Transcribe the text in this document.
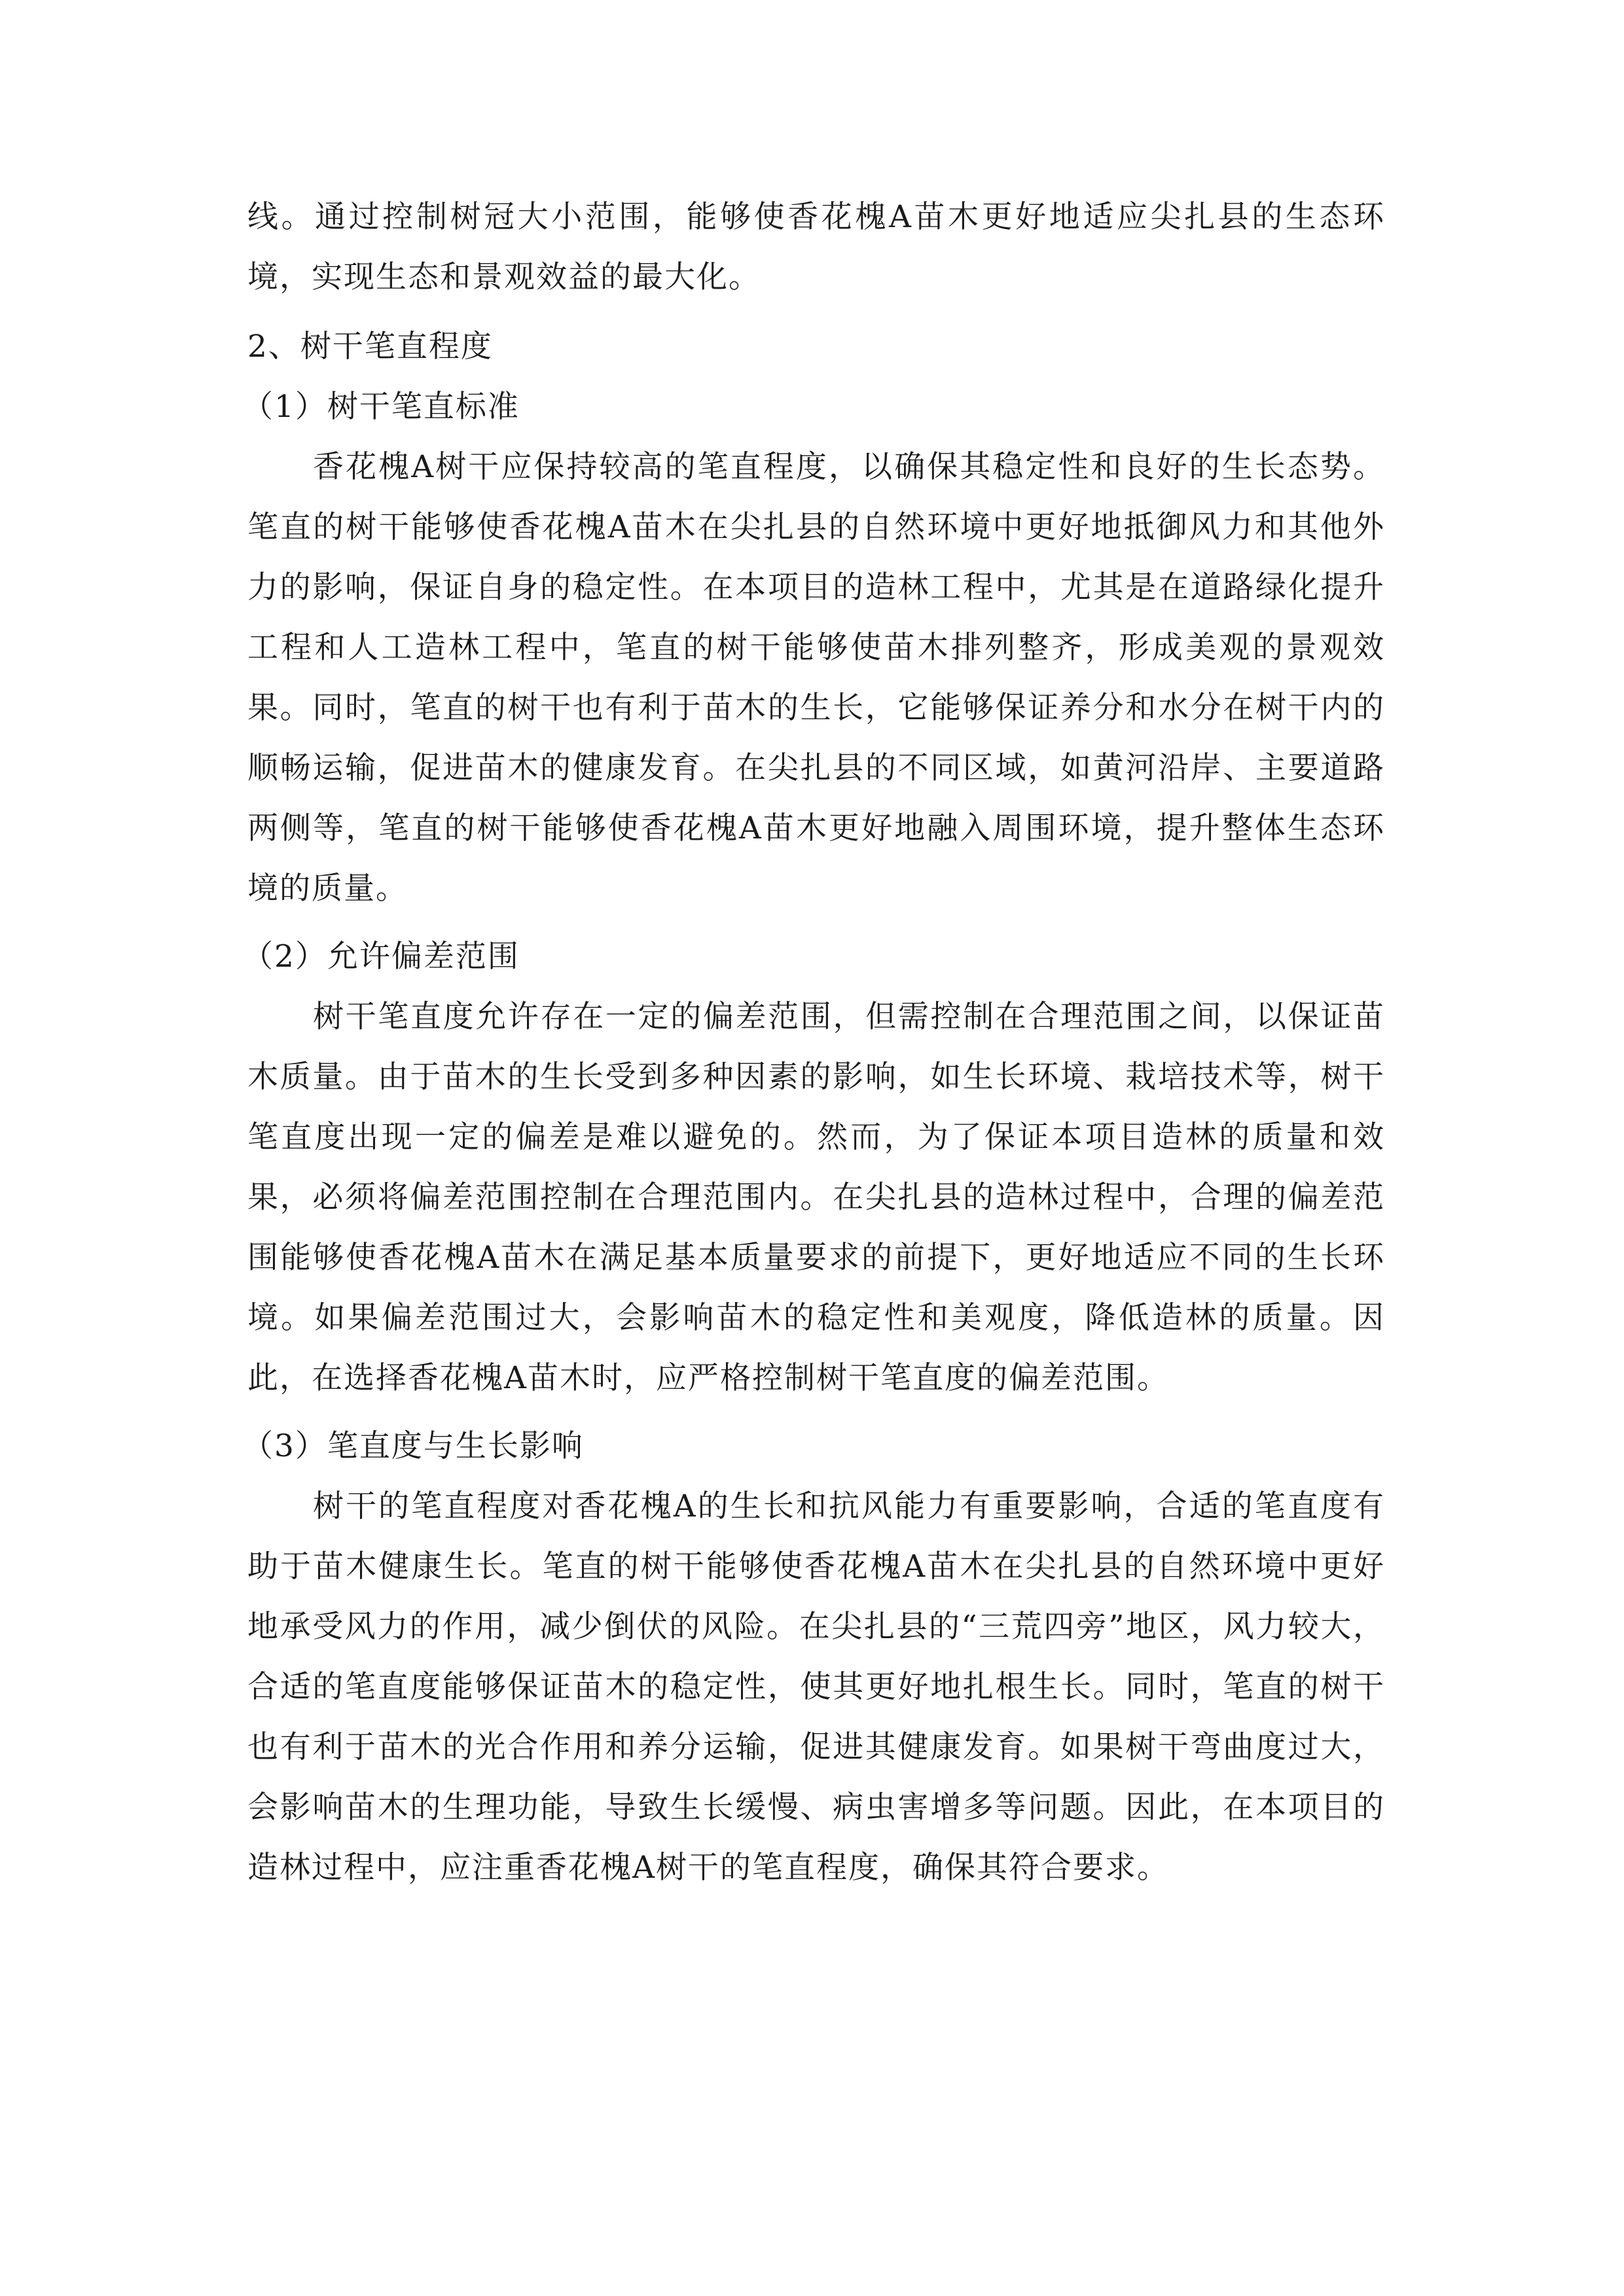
线。通过控制树冠大小范围，能够使香花槐A苗木更好地适应尖扎县的生态环境，实现生态和景观效益的最大化。

2、树干笔直程度

（1）树干笔直标准

香花槐A树干应保持较高的笔直程度，以确保其稳定性和良好的生长态势。笔直的树干能够使香花槐A苗木在尖扎县的自然环境中更好地抵御风力和其他外力的影响，保证自身的稳定性。在本项目的造林工程中，尤其是在道路绿化提升工程和人工造林工程中，笔直的树干能够使苗木排列整齐，形成美观的景观效果。同时，笔直的树干也有利于苗木的生长，它能够保证养分和水分在树干内的顺畅运输，促进苗木的健康发育。在尖扎县的不同区域，如黄河沿岸、主要道路两侧等，笔直的树干能够使香花槐A苗木更好地融入周围环境，提升整体生态环境的质量。

（2）允许偏差范围

树干笔直度允许存在一定的偏差范围，但需控制在合理范围之间，以保证苗木质量。由于苗木的生长受到多种因素的影响，如生长环境、栽培技术等，树干笔直度出现一定的偏差是难以避免的。然而，为了保证本项目造林的质量和效果，必须将偏差范围控制在合理范围内。在尖扎县的造林过程中，合理的偏差范围能够使香花槐A苗木在满足基本质量要求的前提下，更好地适应不同的生长环境。如果偏差范围过大，会影响苗木的稳定性和美观度，降低造林的质量。因此，在选择香花槐A苗木时，应严格控制树干笔直度的偏差范围。

（3）笔直度与生长影响

树干的笔直程度对香花槐A的生长和抗风能力有重要影响，合适的笔直度有助于苗木健康生长。笔直的树干能够使香花槐A苗木在尖扎县的自然环境中更好地承受风力的作用，减少倒伏的风险。在尖扎县的“三荒四旁”地区，风力较大，合适的笔直度能够保证苗木的稳定性，使其更好地扎根生长。同时，笔直的树干也有利于苗木的光合作用和养分运输，促进其健康发育。如果树干弯曲度过大，会影响苗木的生理功能，导致生长缓慢、病虫害增多等问题。因此，在本项目的造林过程中，应注重香花槐A树干的笔直程度，确保其符合要求。
